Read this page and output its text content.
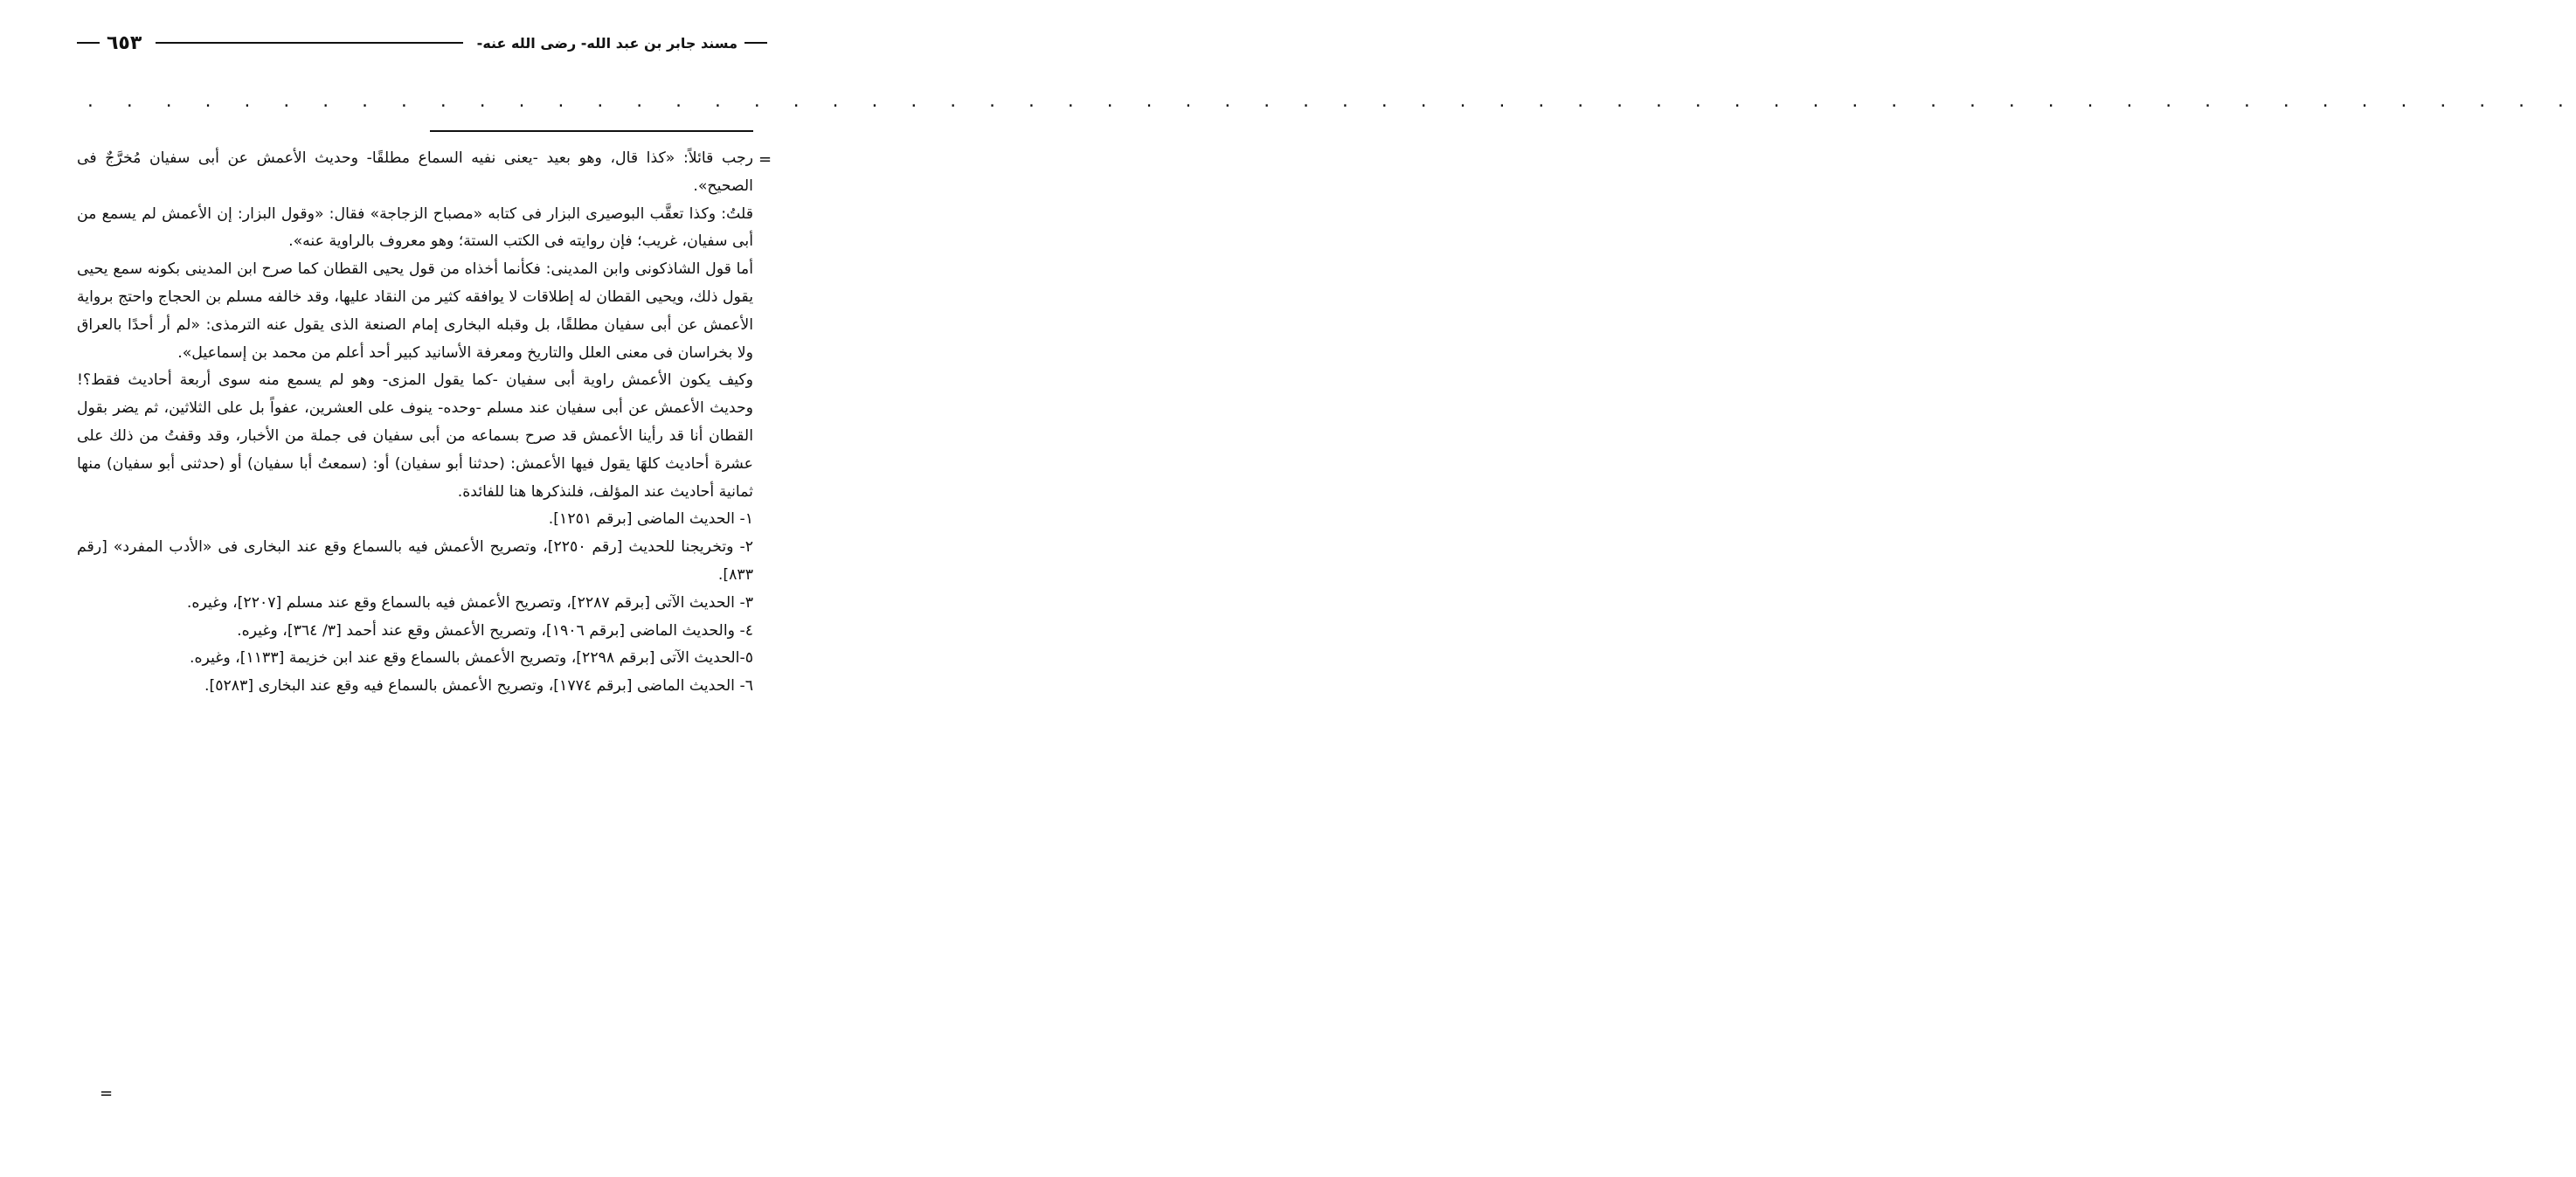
٦٥٣	مسند جابر بن عبد الله- رضى الله عنه-
. . . . . . . . . . . . . . . . . . . . . . . . . . . . . . . . . . . . . . . . . . . . . . . . . . . . . . . . . . . . . . . .
=

رجب قائلاً: «كذا قال، وهو بعيد -يعنى نفيه السماع مطلقًا- وحديث الأعمش عن أبى سفيان مُخرَّجٌ فى الصحيح».

قلتُ: وكذا تعقَّب البوصيرى البزار فى كتابه «مصباح الزجاجة» فقال: «وقول البزار: إن الأعمش لم يسمع من أبى سفيان، غريب؛ فإن روايته فى الكتب الستة؛ وهو معروف بالراوية عنه».

أما قول الشاذكونى وابن المدينى: فكأنما أخذاه من قول يحيى القطان كما صرح ابن المدينى بكونه سمع يحيى يقول ذلك، ويحيى القطان له إطلاقات لا يوافقه كثير من النقاد عليها، وقد خالفه مسلم بن الحجاج واحتج برواية الأعمش عن أبى سفيان مطلقًا، بل وقبله البخارى إمام الصنعة الذى يقول عنه الترمذى: «لم أر أحدًا بالعراق ولا بخراسان فى معنى العلل والتاريخ ومعرفة الأسانيد كبير أحد أعلم من محمد بن إسماعيل».

وكيف يكون الأعمش راوية أبى سفيان -كما يقول المزى- وهو لم يسمع منه سوى أربعة أحاديث فقط؟! وحديث الأعمش عن أبى سفيان عند مسلم -وحده- ينوف على العشرين، عفواً بل على الثلاثين، ثم يضر بقول القطان أنا قد رأينا الأعمش قد صرح بسماعه من أبى سفيان فى جملة من الأخبار، وقد وقفتُ من ذلك على عشرة أحاديث كلهَا يقول فيها الأعمش: (حدثنا أبو سفيان) أو: (سمعتُ أبا سفيان) أو (حدثنى أبو سفيان) منها ثمانية أحاديث عند المؤلف، فلنذكرها هنا للفائدة.

١- الحديث الماضى [برقم ١٢٥١].

٢- وتخريجنا للحديث [رقم ٢٢٥٠]، وتصريح الأعمش فيه بالسماع وقع عند البخارى فى «الأدب المفرد» [رقم ٨٣٣].

٣- الحديث الآتى [برقم ٢٢٨٧]، وتصريح الأعمش فيه بالسماع وقع عند مسلم [٢٢٠٧]، وغيره.

٤- والحديث الماضى [برقم ١٩٠٦]، وتصريح الأعمش وقع عند أحمد [٣/ ٣٦٤]، وغيره.

٥-الحديث الآتى [برقم ٢٢٩٨]، وتصريح الأعمش بالسماع وقع عند ابن خزيمة [١١٣٣]، وغيره.

٦- الحديث الماضى [برقم ١٧٧٤]، وتصريح الأعمش بالسماع فيه وقع عند البخارى [٥٢٨٣].

=
